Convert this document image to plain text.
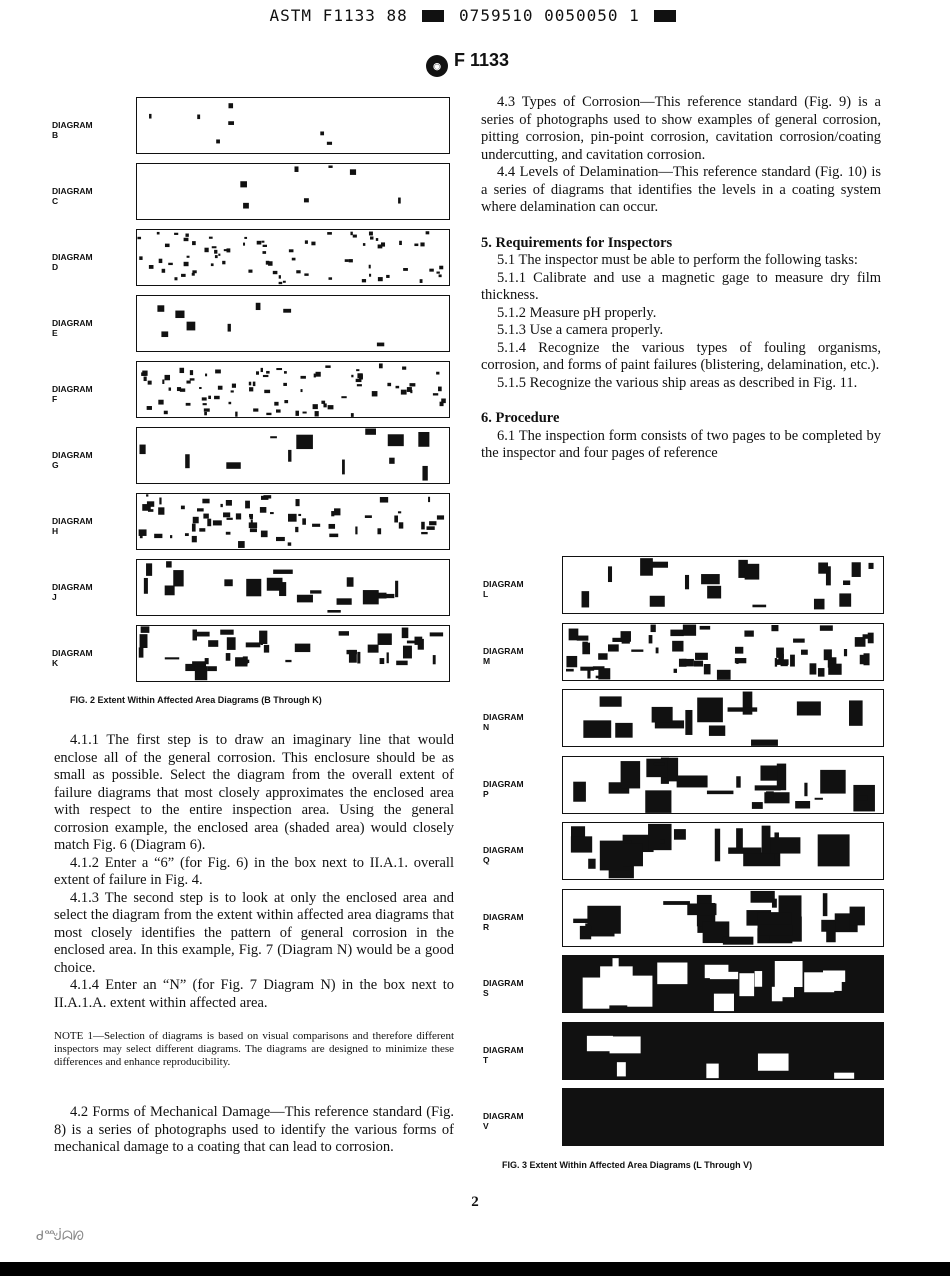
ASTM F1133 88	0759510 0050050 1
◉ F 1133
DIAGRAM B
DIAGRAM C
DIAGRAM D
DIAGRAM E
DIAGRAM F
DIAGRAM G
DIAGRAM H
DIAGRAM J
DIAGRAM K
FIG. 2 Extent Within Affected Area Diagrams (B Through K)

4.1.1 The first step is to draw an imaginary line that would enclose all of the general corrosion. This enclosure should be as small as possible. Select the diagram from the overall extent of failure diagrams that most closely approximates the enclosed area with respect to the entire inspection area. Using the general corrosion example, the enclosed area (shaded area) would closely match Fig. 6 (Diagram 6).

4.1.2 Enter a “6” (for Fig. 6) in the box next to II.A.1. overall extent of failure in Fig. 4.

4.1.3 The second step is to look at only the enclosed area and select the diagram from the extent within affected area diagrams that most closely identifies the pattern of general corrosion in the enclosed area. In this example, Fig. 7 (Diagram N) would be a good choice.

4.1.4 Enter an “N” (for Fig. 7 Diagram N) in the box next to II.A.1.A. extent within affected area.

NOTE 1—Selection of diagrams is based on visual comparisons and therefore different inspectors may select different diagrams. The diagrams are designed to minimize these differences and enhance reproducibility.

4.2 Forms of Mechanical Damage—This reference standard (Fig. 8) is a series of photographs used to identify the various forms of mechanical damage to a coating that can lead to corrosion.

4.3 Types of Corrosion—This reference standard (Fig. 9) is a series of photographs used to show examples of general corrosion, pitting corrosion, pin-point corrosion, cavitation corrosion/coating undercutting, and cavitation corrosion.

4.4 Levels of Delamination—This reference standard (Fig. 10) is a series of diagrams that identifies the levels in a coating system where delamination can occur.

5. Requirements for Inspectors

5.1 The inspector must be able to perform the following tasks:

5.1.1 Calibrate and use a magnetic gage to measure dry film thickness.

5.1.2 Measure pH properly.

5.1.3 Use a camera properly.

5.1.4 Recognize the various types of fouling organisms, corrosion, and forms of paint failures (blistering, delamination, etc.).

5.1.5 Recognize the various ship areas as described in Fig. 11.

6. Procedure

6.1 The inspection form consists of two pages to be completed by the inspector and four pages of reference

DIAGRAM L
DIAGRAM M
DIAGRAM N
DIAGRAM P
DIAGRAM Q
DIAGRAM R
DIAGRAM S
DIAGRAM T
DIAGRAM V
FIG. 3 Extent Within Affected Area Diagrams (L Through V)
2
ᑯᙴᗣᘗ
